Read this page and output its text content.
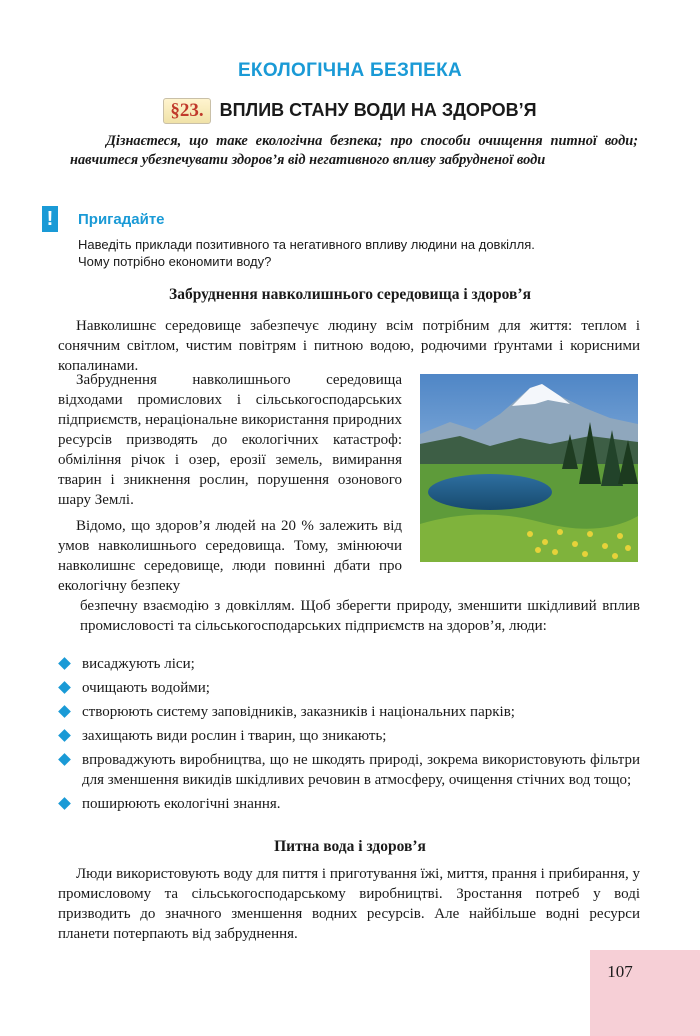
ЕКОЛОГІЧНА БЕЗПЕКА
§23. ВПЛИВ СТАНУ ВОДИ НА ЗДОРОВ’Я
Дізнаєтеся, що таке екологічна безпека; про способи очищення питної води; навчитеся убезпечувати здоров’я від негативного впливу забрудненої води
!	Пригадайте
Наведіть приклади позитивного та негативного впливу людини на довкілля.
Чому потрібно економити воду?
Забруднення навколишнього середовища і здоров’я
Навколишнє середовище забезпечує людину всім потрібним для життя: теплом і сонячним світлом, чистим повітрям і питною водою, родючими ґрунтами і корисними копалинами.
Забруднення навколишнього середовища відходами промислових і сільськогосподарських підприємств, нераціональне використання природних ресурсів призводять до екологічних катастроф: обміління річок і озер, ерозії земель, вимирання тварин і зникнення рослин, порушення озонового шару Землі.
Відомо, що здоров’я людей на 20 % залежить від умов навколишнього середовища. Тому, змінюючи навколишнє середовище, люди повинні дбати про екологічну безпеку
безпечну взаємодію з довкіллям. Щоб зберегти природу, зменшити шкідливий вплив промисловості та сільськогосподарських підприємств на здоров’я, люди:
висаджують ліси;
очищають водойми;
створюють систему заповідників, заказників і національних парків;
захищають види рослин і тварин, що зникають;
впроваджують виробництва, що не шкодять природі, зокрема використовують фільтри для зменшення викидів шкідливих речовин в атмосферу, очищення стічних вод тощо;
поширюють екологічні знання.
Питна вода і здоров’я
Люди використовують воду для пиття і приготування їжі, миття, прання і прибирання, у промисловому та сільськогосподарському виробництві. Зростання потреб у воді призводить до значного зменшення водних ресурсів. Але найбільше водні ресурси планети потерпають від забруднення.
107
